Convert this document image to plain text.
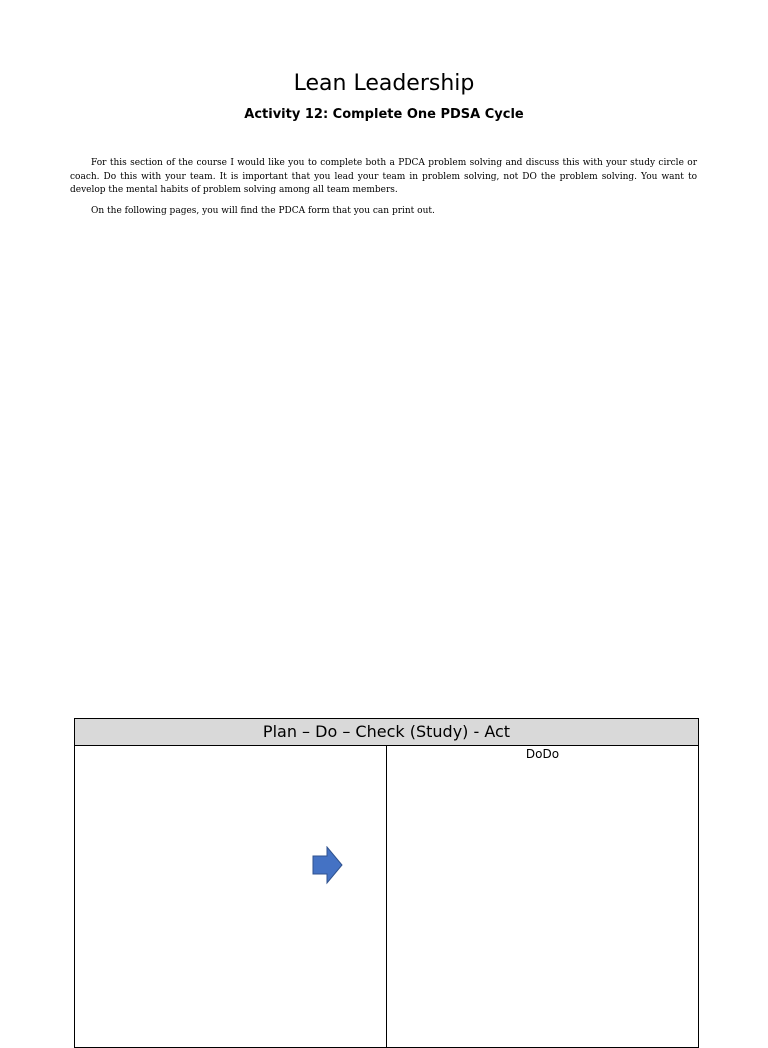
Lean Leadership
Activity 12: Complete One PDSA Cycle

For this section of the course I would like you to complete both a PDCA problem solving and discuss this with your study circle or coach. Do this with your team. It is important that you lead your team in problem solving, not DO the problem solving. You want to develop the mental habits of problem solving among all team members.

On the following pages, you will find the PDCA form that you can print out.

Plan – Do – Check (Study) - Act
DoDo
